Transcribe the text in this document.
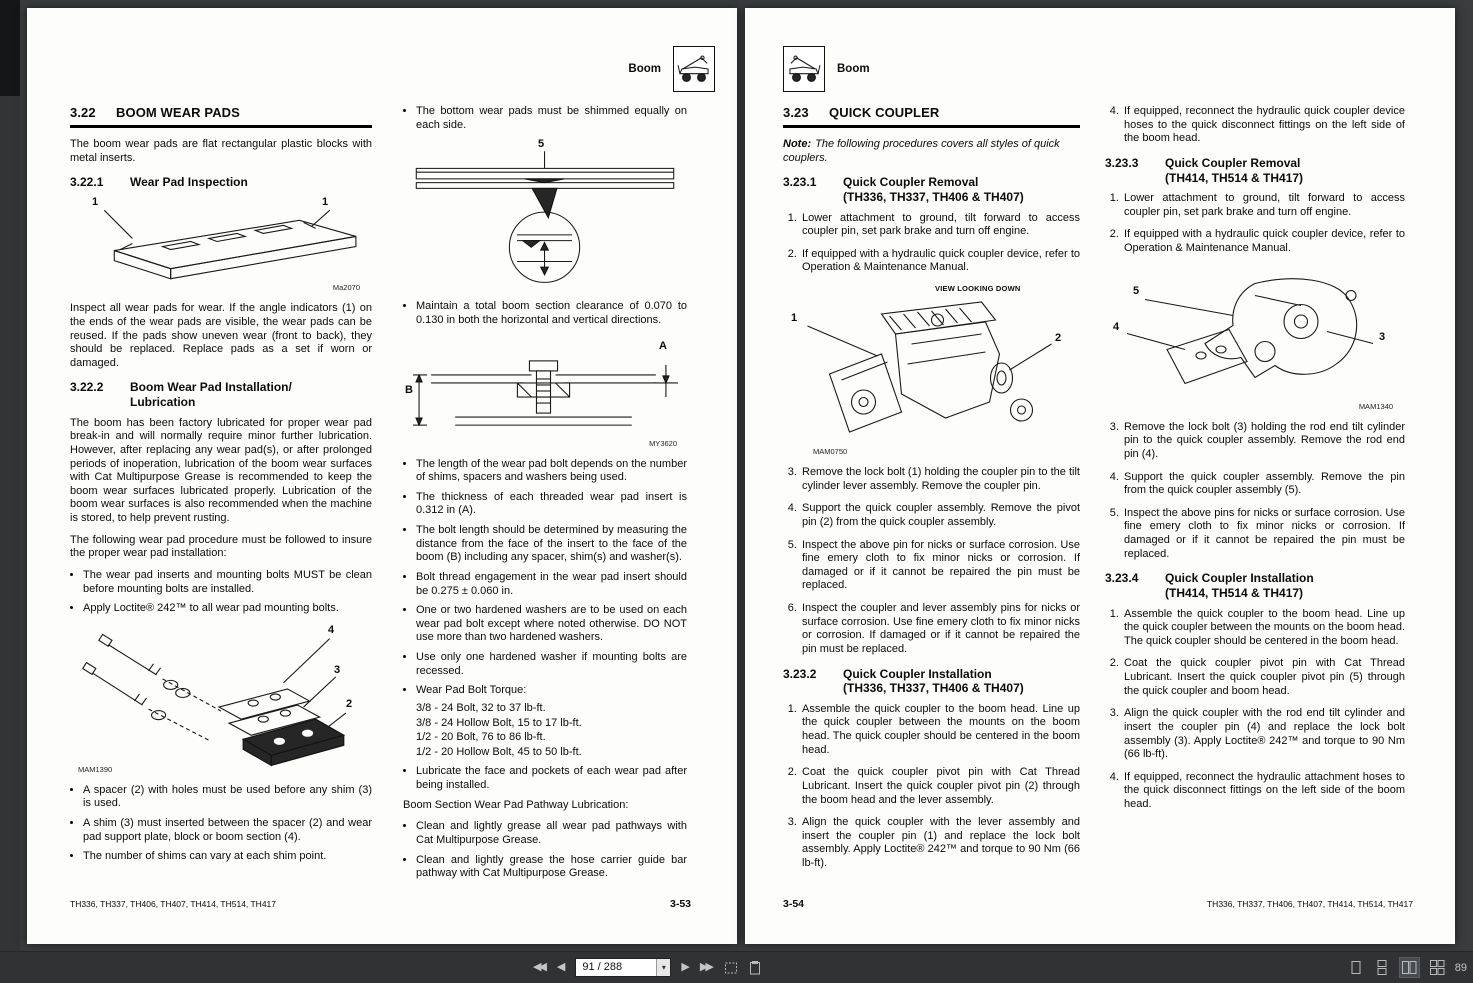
Boom
3.22	BOOM WEAR PADS

The boom wear pads are flat rectangular plastic blocks with metal inserts.

3.22.1	Wear Pad Inspection
1	1
Ma2070

Inspect all wear pads for wear. If the angle indicators (1) on the ends of the wear pads are visible, the wear pads can be reused. If the pads show uneven wear (front to back), they should be replaced. Replace pads as a set if worn or damaged.

3.22.2	Boom Wear Pad Installation/
Lubrication

The boom has been factory lubricated for proper wear pad break-in and will normally require minor further lubrication. However, after replacing any wear pad(s), or after prolonged periods of inoperation, lubrication of the boom wear surfaces with Cat Multipurpose Grease is recommended to keep the boom wear surfaces lubricated properly. Lubrication of the boom wear surfaces is also recommended when the machine is stored, to help prevent rusting.

The following wear pad procedure must be followed to insure the proper wear pad installation:

• The wear pad inserts and mounting bolts MUST be clean before mounting bolts are installed.
• Apply Loctite® 242™ to all wear pad mounting bolts.
4
3
2
MAM1390
• A spacer (2) with holes must be used before any shim (3) is used.
• A shim (3) must inserted between the spacer (2) and wear pad support plate, block or boom section (4).
• The number of shims can vary at each shim point.
• The bottom wear pads must be shimmed equally on each side.
5
• Maintain a total boom section clearance of 0.070 to 0.130 in both the horizontal and vertical directions.
A
B
MY3620
• The length of the wear pad bolt depends on the number of shims, spacers and washers being used.
• The thickness of each threaded wear pad insert is 0.312 in (A).
• The bolt length should be determined by measuring the distance from the face of the insert to the face of the boom (B) including any spacer, shim(s) and washer(s).
• Bolt thread engagement in the wear pad insert should be 0.275 ± 0.060 in.
• One or two hardened washers are to be used on each wear pad bolt except where noted otherwise. DO NOT use more than two hardened washers.
• Use only one hardened washer if mounting bolts are recessed.
• Wear Pad Bolt Torque:
3/8 - 24 Bolt, 32 to 37 lb-ft.
3/8 - 24 Hollow Bolt, 15 to 17 lb-ft.
1/2 - 20 Bolt, 76 to 86 lb-ft.
1/2 - 20 Hollow Bolt, 45 to 50 lb-ft.
• Lubricate the face and pockets of each wear pad after being installed.

Boom Section Wear Pad Pathway Lubrication:

• Clean and lightly grease all wear pad pathways with Cat Multipurpose Grease.
• Clean and lightly grease the hose carrier guide bar pathway with Cat Multipurpose Grease.
TH336, TH337, TH406, TH407, TH414, TH514, TH417	3-53
Boom
3.23	QUICK COUPLER

Note: The following procedures covers all styles of quick couplers.

3.23.1	Quick Coupler Removal
(TH336, TH337, TH406 & TH407)
1. Lower attachment to ground, tilt forward to access coupler pin, set park brake and turn off engine.
2. If equipped with a hydraulic quick coupler device, refer to Operation & Maintenance Manual.
VIEW LOOKING DOWN
1
2
MAM0750
3. Remove the lock bolt (1) holding the coupler pin to the tilt cylinder lever assembly. Remove the coupler pin.
4. Support the quick coupler assembly. Remove the pivot pin (2) from the quick coupler assembly.
5. Inspect the above pin for nicks or surface corrosion. Use fine emery cloth to fix minor nicks or corrosion. If damaged or if it cannot be repaired the pin must be replaced.
6. Inspect the coupler and lever assembly pins for nicks or surface corrosion. Use fine emery cloth to fix minor nicks or corrosion. If damaged or if it cannot be repaired the pin must be replaced.
3.23.2	Quick Coupler Installation
(TH336, TH337, TH406 & TH407)
1. Assemble the quick coupler to the boom head. Line up the quick coupler between the mounts on the boom head. The quick coupler should be centered in the boom head.
2. Coat the quick coupler pivot pin with Cat Thread Lubricant. Insert the quick coupler pivot pin (2) through the boom head and the lever assembly.
3. Align the quick coupler with the lever assembly and insert the coupler pin (1) and replace the lock bolt assembly. Apply Loctite® 242™ and torque to 90 Nm (66 lb-ft).
4. If equipped, reconnect the hydraulic quick coupler device hoses to the quick disconnect fittings on the left side of the boom head.
3.23.3	Quick Coupler Removal
(TH414, TH514 & TH417)
1. Lower attachment to ground, tilt forward to access coupler pin, set park brake and turn off engine.
2. If equipped with a hydraulic quick coupler device, refer to Operation & Maintenance Manual.
5
4
3
MAM1340
3. Remove the lock bolt (3) holding the rod end tilt cylinder pin to the quick coupler assembly. Remove the rod end pin (4).
4. Support the quick coupler assembly. Remove the pin from the quick coupler assembly (5).
5. Inspect the above pins for nicks or surface corrosion. Use fine emery cloth to fix minor nicks or corrosion. If damaged or if it cannot be repaired the pin must be replaced.
3.23.4	Quick Coupler Installation
(TH414, TH514 & TH417)
1. Assemble the quick coupler to the boom head. Line up the quick coupler between the mounts on the boom head. The quick coupler should be centered in the boom head.
2. Coat the quick coupler pivot pin with Cat Thread Lubricant. Insert the quick coupler pivot pin (5) through the quick coupler and boom head.
3. Align the quick coupler with the rod end tilt cylinder and insert the coupler pin (4) and replace the lock bolt assembly (3). Apply Loctite® 242™ and torque to 90 Nm (66 lb-ft).
4. If equipped, reconnect the hydraulic attachment hoses to the quick disconnect fittings on the left side of the boom head.
3-54	TH336, TH337, TH406, TH407, TH414, TH514, TH417
◀◀ ◀	91 / 288	▾	▶ ▶▶	89
